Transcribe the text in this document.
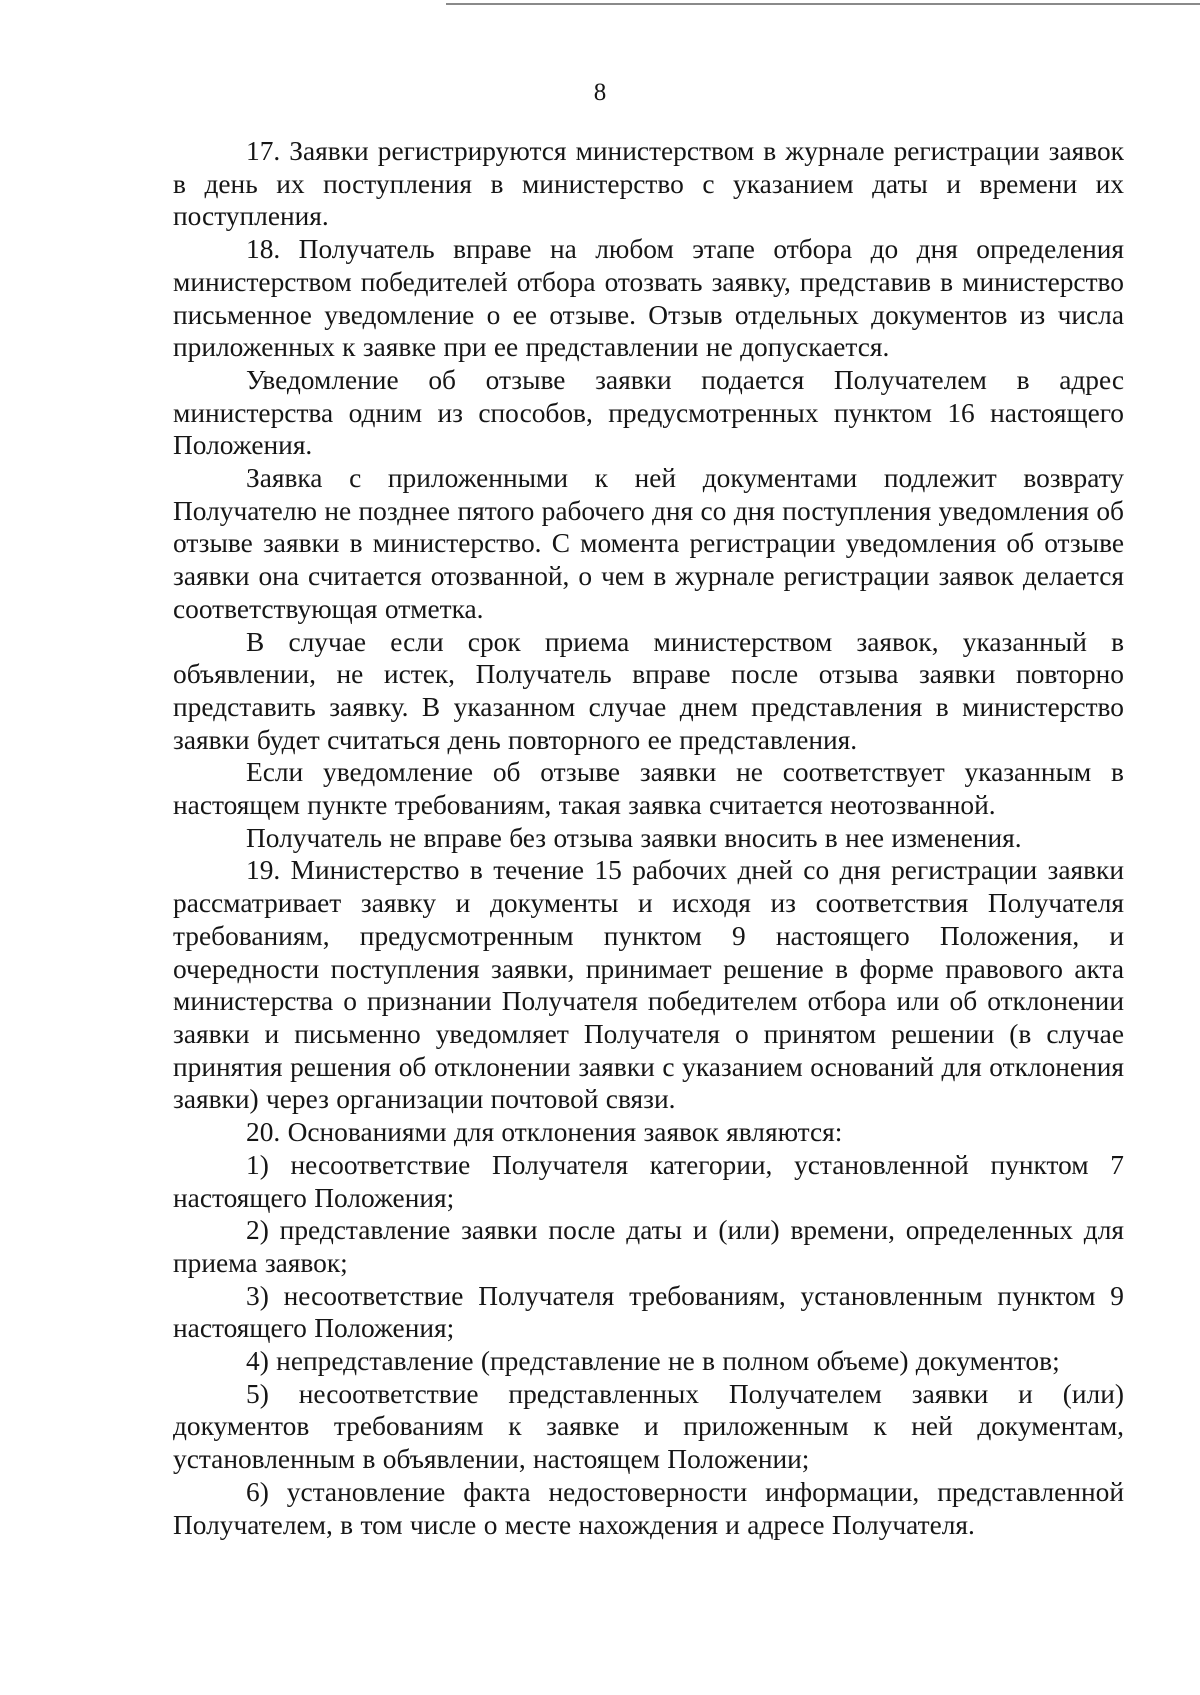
8

17. Заявки регистрируются министерством в журнале регистрации заявок в день их поступления в министерство с указанием даты и времени их поступления.

18. Получатель вправе на любом этапе отбора до дня определения министерством победителей отбора отозвать заявку, представив в министерство письменное уведомление о ее отзыве. Отзыв отдельных документов из числа приложенных к заявке при ее представлении не допускается.

Уведомление об отзыве заявки подается Получателем в адрес министерства одним из способов, предусмотренных пунктом 16 настоящего Положения.

Заявка с приложенными к ней документами подлежит возврату Получателю не позднее пятого рабочего дня со дня поступления уведомления об отзыве заявки в министерство. С момента регистрации уведомления об отзыве заявки она считается отозванной, о чем в журнале регистрации заявок делается соответствующая отметка.

В случае если срок приема министерством заявок, указанный в объявлении, не истек, Получатель вправе после отзыва заявки повторно представить заявку. В указанном случае днем представления в министерство заявки будет считаться день повторного ее представления.

Если уведомление об отзыве заявки не соответствует указанным в настоящем пункте требованиям, такая заявка считается неотозванной.

Получатель не вправе без отзыва заявки вносить в нее изменения.

19. Министерство в течение 15 рабочих дней со дня регистрации заявки рассматривает заявку и документы и исходя из соответствия Получателя требованиям, предусмотренным пунктом 9 настоящего Положения, и очередности поступления заявки, принимает решение в форме правового акта министерства о признании Получателя победителем отбора или об отклонении заявки и письменно уведомляет Получателя о принятом решении (в случае принятия решения об отклонении заявки с указанием оснований для отклонения заявки) через организации почтовой связи.

20. Основаниями для отклонения заявок являются:

1) несоответствие Получателя категории, установленной пунктом 7 настоящего Положения;

2) представление заявки после даты и (или) времени, определенных для приема заявок;

3) несоответствие Получателя требованиям, установленным пунктом 9 настоящего Положения;

4) непредставление (представление не в полном объеме) документов;

5) несоответствие представленных Получателем заявки и (или) документов требованиям к заявке и приложенным к ней документам, установленным в объявлении, настоящем Положении;

6) установление факта недостоверности информации, представленной Получателем, в том числе о месте нахождения и адресе Получателя.
